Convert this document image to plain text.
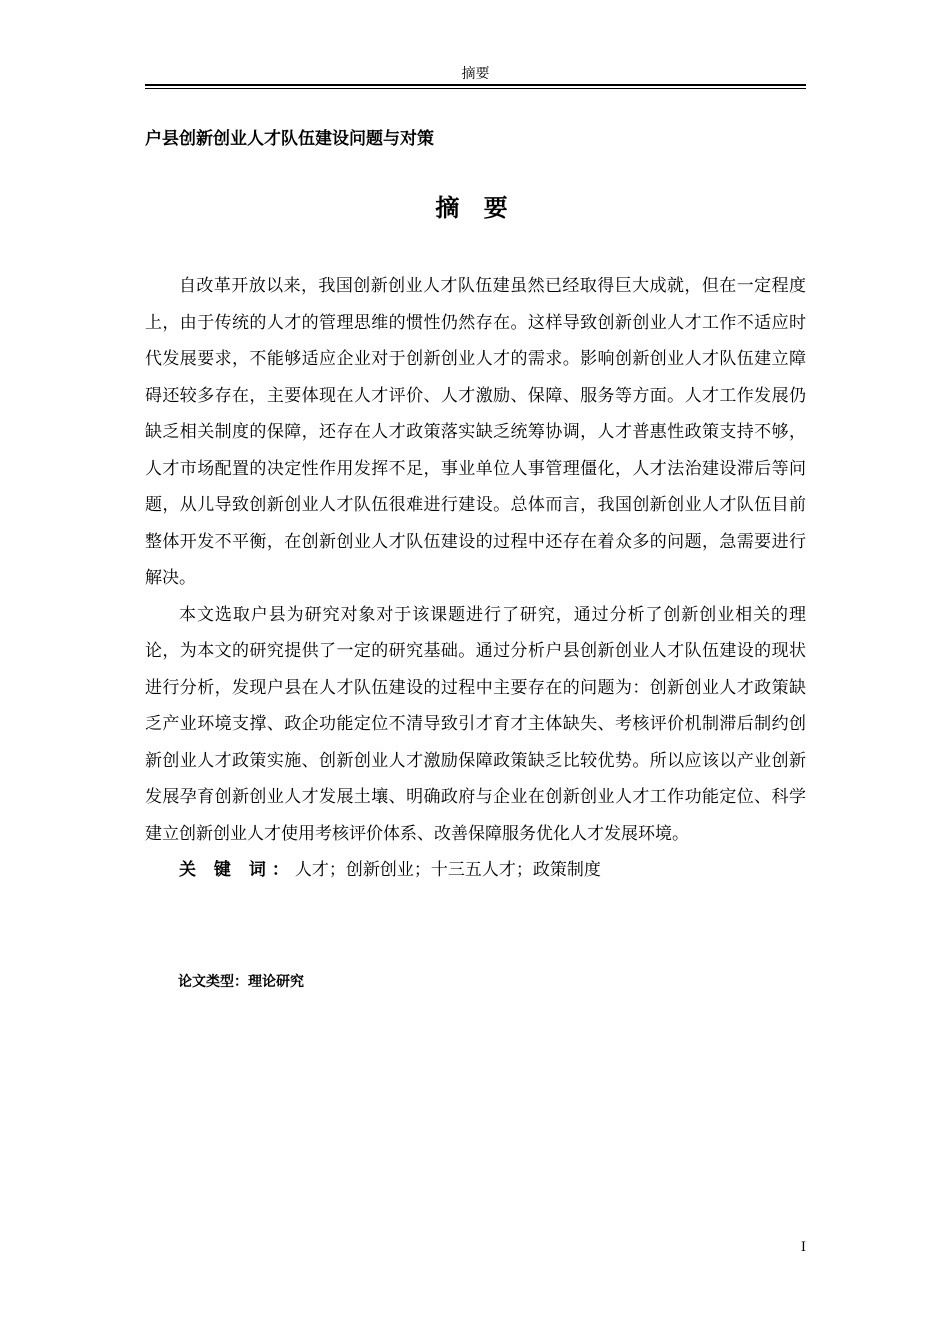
摘要
户县创新创业人才队伍建设问题与对策
摘 要

自改革开放以来，我国创新创业人才队伍建虽然已经取得巨大成就，但在一定程度上，由于传统的人才的管理思维的惯性仍然存在。这样导致创新创业人才工作不适应时代发展要求，不能够适应企业对于创新创业人才的需求。影响创新创业人才队伍建立障碍还较多存在，主要体现在人才评价、人才激励、保障、服务等方面。人才工作发展仍缺乏相关制度的保障，还存在人才政策落实缺乏统筹协调，人才普惠性政策支持不够，人才市场配置的决定性作用发挥不足，事业单位人事管理僵化，人才法治建设滞后等问题，从儿导致创新创业人才队伍很难进行建设。总体而言，我国创新创业人才队伍目前整体开发不平衡，在创新创业人才队伍建设的过程中还存在着众多的问题，急需要进行解决。

本文选取户县为研究对象对于该课题进行了研究，通过分析了创新创业相关的理论，为本文的研究提供了一定的研究基础。通过分析户县创新创业人才队伍建设的现状进行分析，发现户县在人才队伍建设的过程中主要存在的问题为：创新创业人才政策缺乏产业环境支撑、政企功能定位不清导致引才育才主体缺失、考核评价机制滞后制约创新创业人才政策实施、创新创业人才激励保障政策缺乏比较优势。所以应该以产业创新发展孕育创新创业人才发展土壤、明确政府与企业在创新创业人才工作功能定位、科学建立创新创业人才使用考核评价体系、改善保障服务优化人才发展环境。

关 键 词：人才；创新创业；十三五人才；政策制度

论文类型：理论研究
I
